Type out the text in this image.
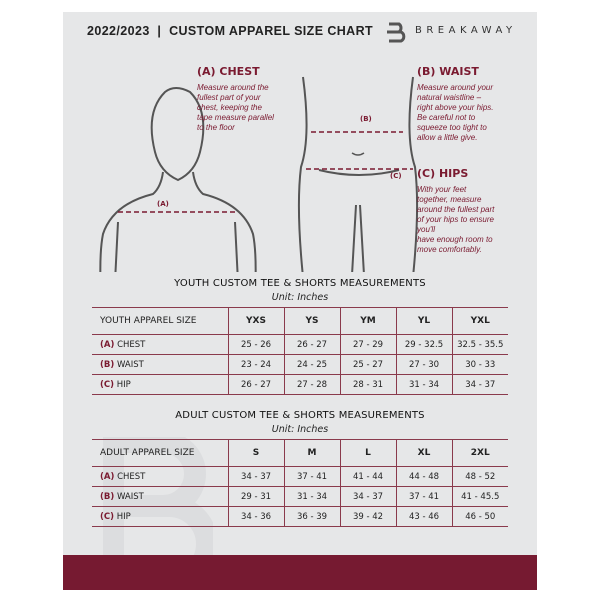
2022/2023  |  CUSTOM APPAREL SIZE CHART	BREAKAWAY
(A)
(B)
(C)
(A) CHEST
Measure around the
fullest part of your
chest, keeping the
tape measure parallel
to the floor
(B) WAIST
Measure around your
natural waistline –
right above your hips.
Be careful not to
squeeze too tight to
allow a little give.
(C) HIPS
With your feet
together, measure
around the fullest part
of your hips to ensure
you'll
have enough room to
move comfortably.
YOUTH CUSTOM TEE & SHORTS MEASUREMENTS
Unit: Inches
YOUTH APPAREL SIZE	YXS	YS	YM	YL	YXL
(A) CHEST	25 - 26	26 - 27	27 - 29	29 - 32.5	32.5 - 35.5
(B) WAIST	23 - 24	24 - 25	25 - 27	27 - 30	30 - 33
(C) HIP	26 - 27	27 - 28	28 - 31	31 - 34	34 - 37
ADULT CUSTOM TEE & SHORTS MEASUREMENTS
Unit: Inches
ADULT APPAREL SIZE	S	M	L	XL	2XL
(A) CHEST	34 - 37	37 - 41	41 - 44	44 - 48	48 - 52
(B) WAIST	29 - 31	31 - 34	34 - 37	37 - 41	41 - 45.5
(C) HIP	34 - 36	36 - 39	39 - 42	43 - 46	46 - 50
